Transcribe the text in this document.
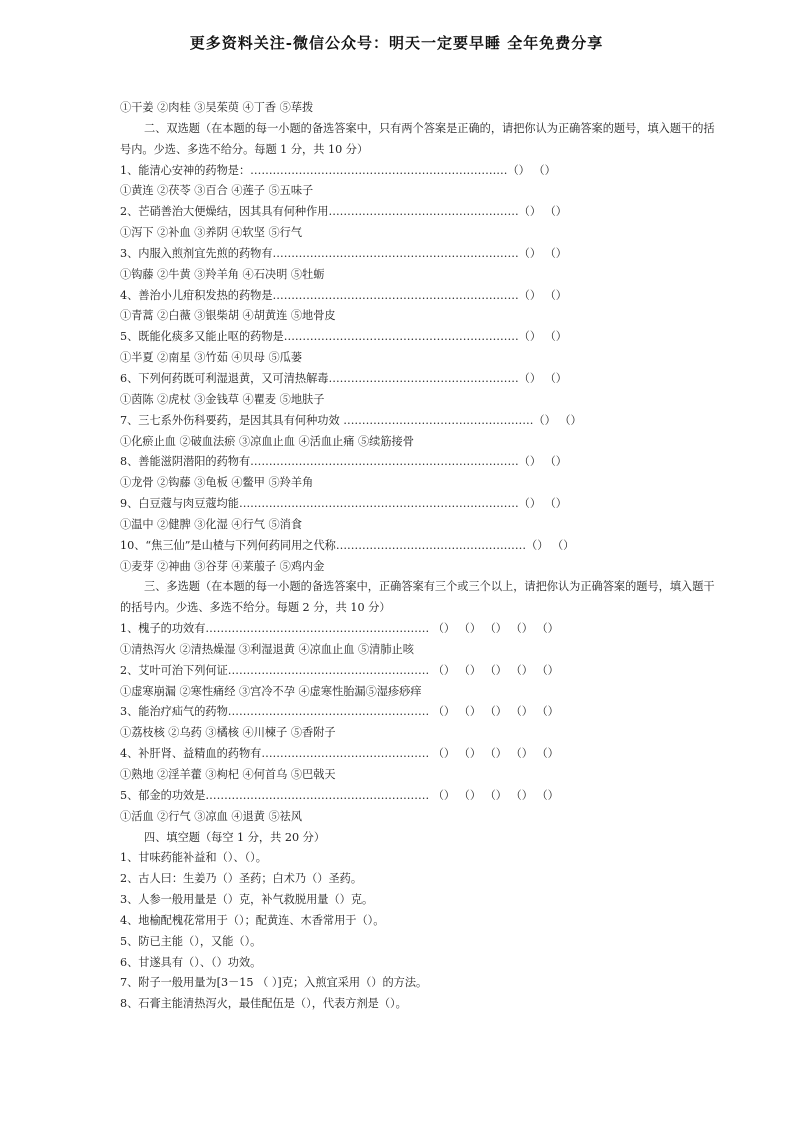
更多资料关注-微信公众号：明天一定要早睡 全年免费分享
①干姜 ②肉桂 ③吴茱萸 ④丁香 ⑤荜拨
二、双选题（在本题的每一小题的备选答案中，只有两个答案是正确的，请把你认为正确答案的题号，填入题干的括号内。少选、多选不给分。每题 1 分，共 10 分）
1、能清心安神的药物是：……………………………………………………………（） （）
①黄连 ②茯苓 ③百合 ④莲子 ⑤五味子
2、芒硝善治大便燥结，因其具有何种作用……………………………………………（） （）
①泻下 ②补血 ③养阴 ④软坚 ⑤行气
3、内服入煎剂宜先煎的药物有…………………………………………………………（） （）
①钩藤 ②牛黄 ③羚羊角 ④石决明 ⑤牡蛎
4、善治小儿疳积发热的药物是…………………………………………………………（） （）
①青蒿 ②白薇 ③银柴胡 ④胡黄连 ⑤地骨皮
5、既能化痰多又能止呕的药物是………………………………………………………（） （）
①半夏 ②南星 ③竹茹 ④贝母 ⑤瓜蒌
6、下列何药既可利湿退黄，又可清热解毒……………………………………………（） （）
①茵陈 ②虎杖 ③金钱草 ④瞿麦 ⑤地肤子
7、三七系外伤科要药，是因其具有何种功效 ……………………………………………（） （）
①化瘀止血 ②破血法瘀 ③凉血止血 ④活血止痛 ⑤续筋接骨
8、善能滋阴潜阳的药物有………………………………………………………………（） （）
①龙骨 ②钩藤 ③龟板 ④鳖甲 ⑤羚羊角
9、白豆蔻与肉豆蔻均能…………………………………………………………………（） （）
①温中 ②健脾 ③化湿 ④行气 ⑤消食
10、“焦三仙”是山楂与下列何药同用之代称……………………………………………（） （）
①麦芽 ②神曲 ③谷芽 ④莱菔子 ⑤鸡内金
三、多选题（在本题的每一小题的备选答案中，正确答案有三个或三个以上，请把你认为正确答案的题号，填入题干的括号内。少选、多选不给分。每题 2 分，共 10 分）
1、槐子的功效有…………………………………………………… （） （） （） （） （）
①清热泻火 ②清热燥湿 ③利湿退黄 ④凉血止血 ⑤清肺止咳
2、艾叶可治下列何证……………………………………………… （） （） （） （） （）
①虚寒崩漏 ②寒性痛经 ③宫冷不孕 ④虚寒性胎漏⑤湿疹痧痒
3、能治疗疝气的药物……………………………………………… （） （） （） （） （）
①荔枝核 ②乌药 ③橘核 ④川楝子 ⑤香附子
4、补肝肾、益精血的药物有……………………………………… （） （） （） （） （）
①熟地 ②淫羊藿 ③枸杞 ④何首乌 ⑤巴戟天
5、郁金的功效是…………………………………………………… （） （） （） （） （）
①活血 ②行气 ③凉血 ④退黄 ⑤祛风
四、填空题（每空 1 分，共 20 分）
1、甘味药能补益和（）、（）。
2、古人曰：生姜乃（）圣药；白术乃（）圣药。
3、人参一般用量是（）克，补气救脱用量（）克。
4、地榆配槐花常用于（）；配黄连、木香常用于（）。
5、防已主能（），又能（）。
6、甘遂具有（）、（）功效。
7、附子一般用量为[3－15 （ ）]克；入煎宜采用（）的方法。
8、石膏主能清热泻火，最佳配伍是（），代表方剂是（）。
